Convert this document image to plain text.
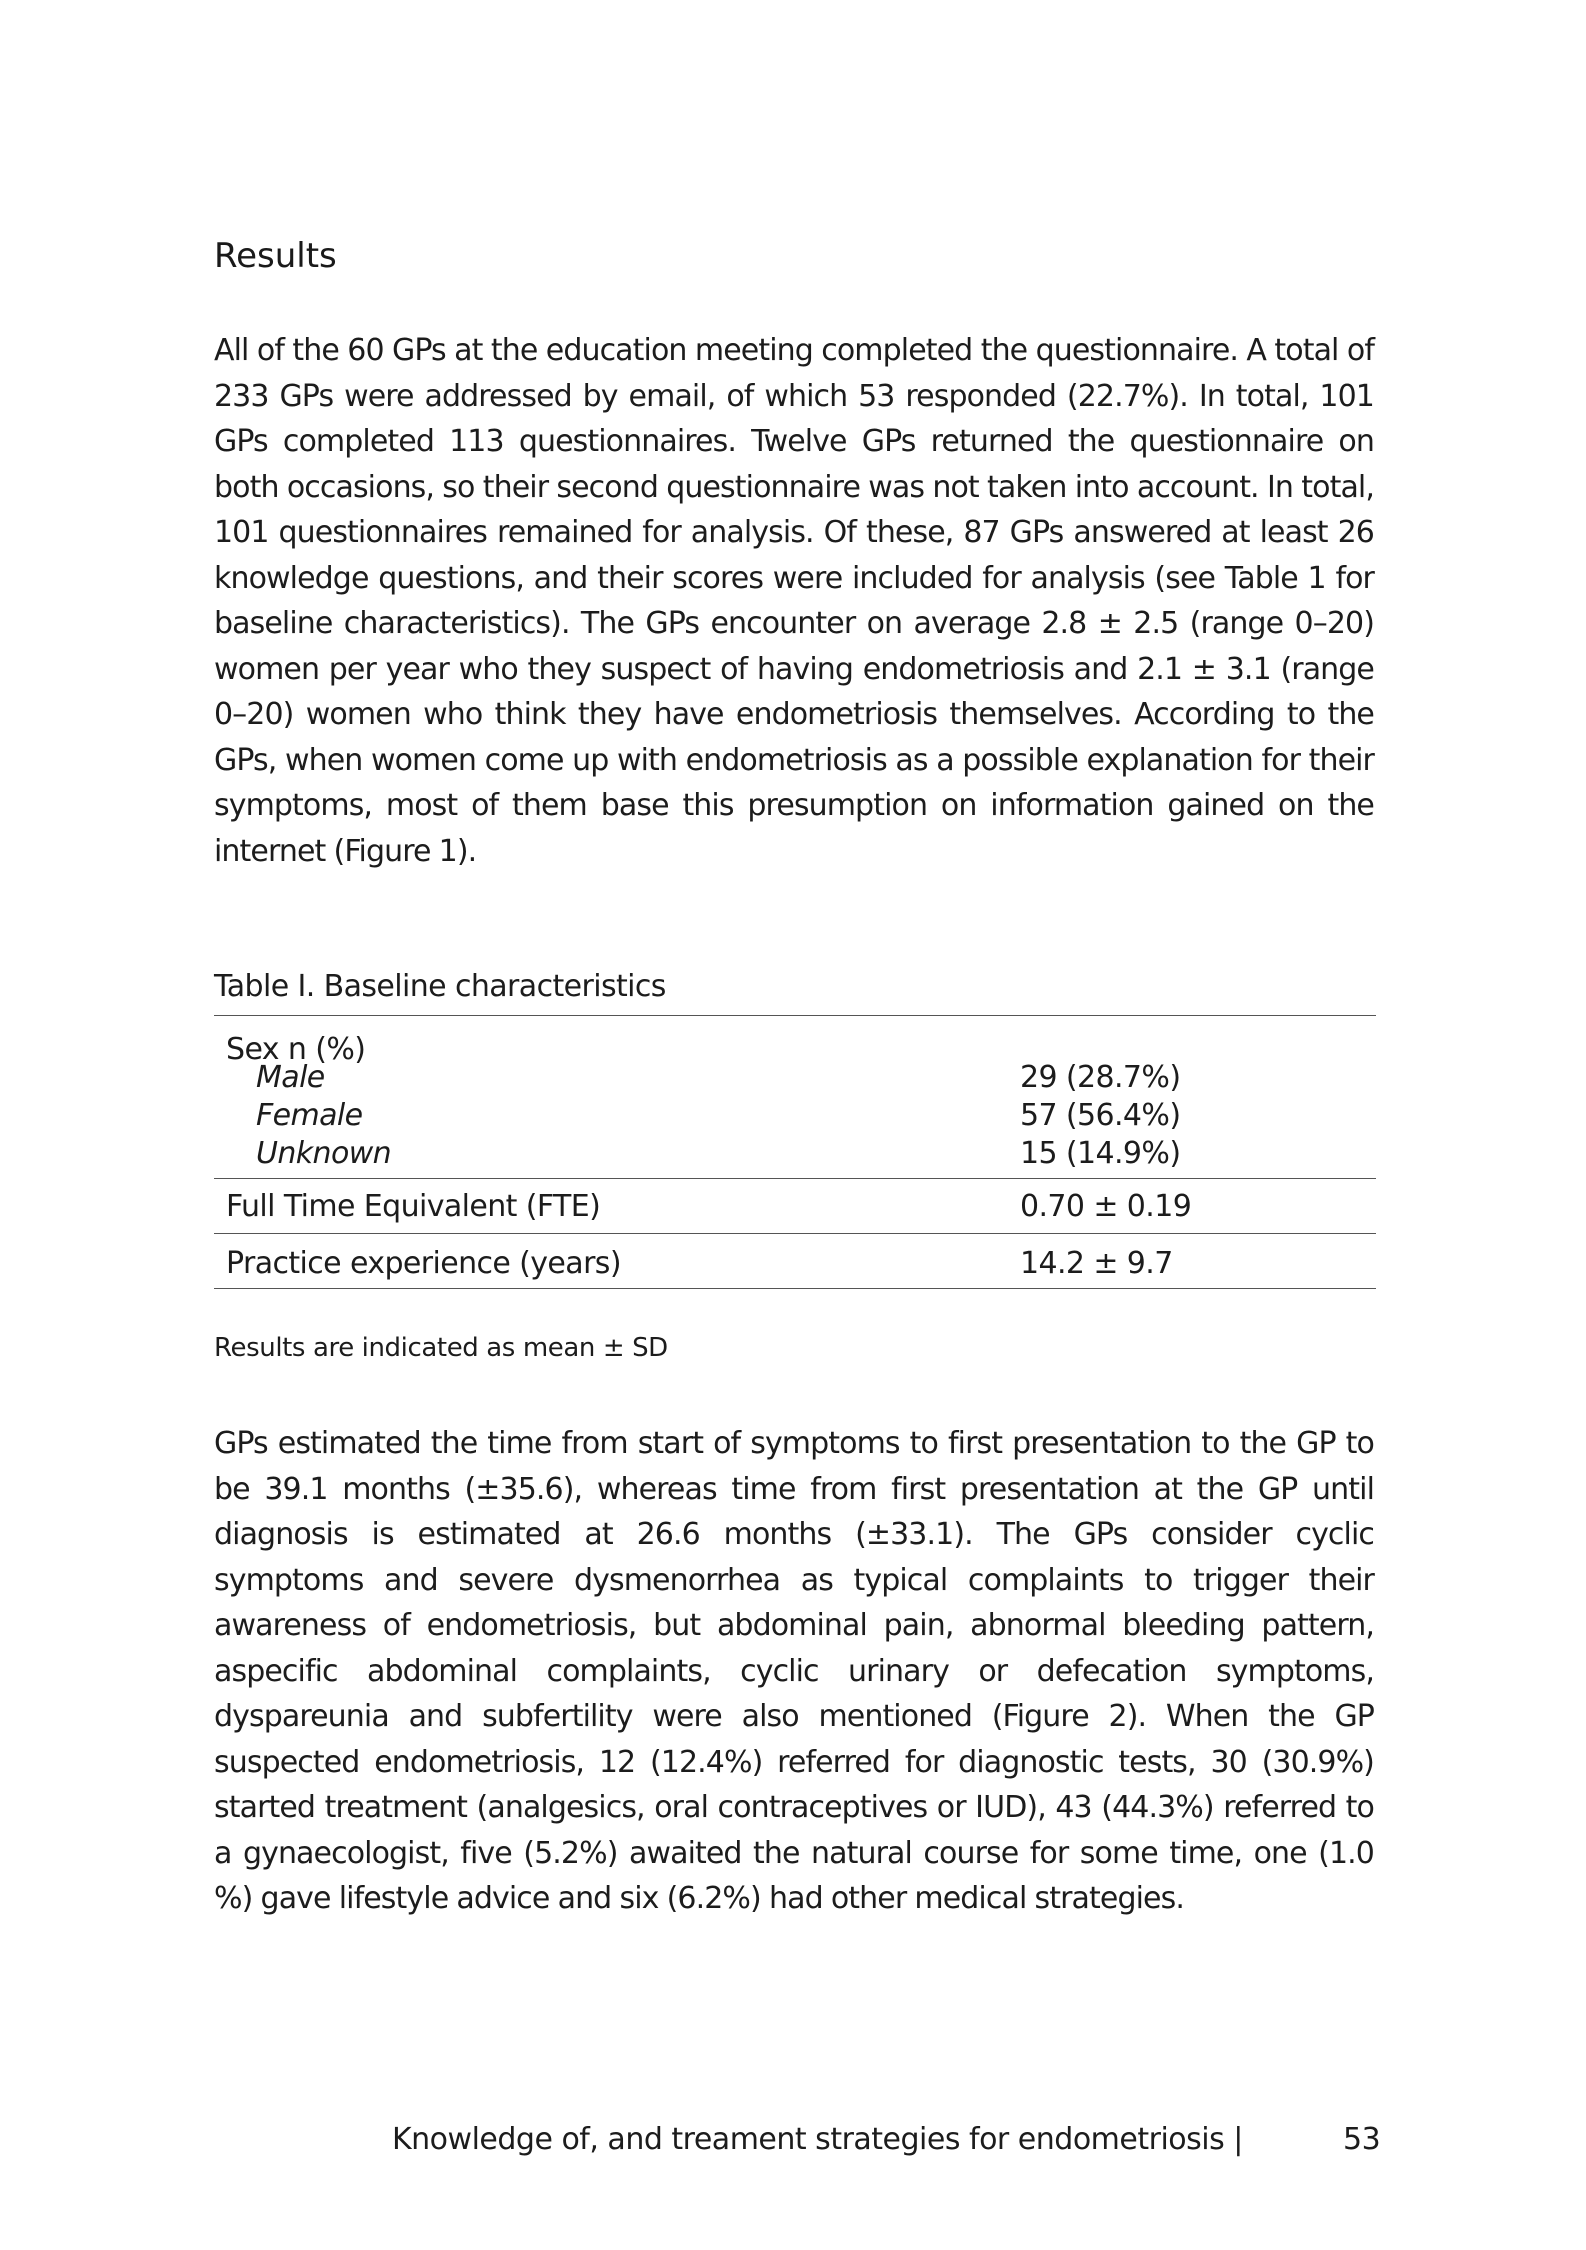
Results

All of the 60 GPs at the education meeting completed the questionnaire. A total of 233 GPs were addressed by email, of which 53 responded (22.7%). In total, 101 GPs completed 113 questionnaires. Twelve GPs returned the questionnaire on both occasions, so their second questionnaire was not taken into account. In total, 101 questionnaires remained for analysis. Of these, 87 GPs answered at least 26 knowledge questions, and their scores were included for analysis (see Table 1 for baseline characteristics). The GPs encounter on average 2.8 ± 2.5 (range 0–20) women per year who they suspect of having endometriosis and 2.1 ± 3.1 (range 0–20) women who think they have endometriosis themselves. According to the GPs, when women come up with endometriosis as a possible explanation for their symptoms, most of them base this presumption on information gained on the internet (Figure 1).

Table I. Baseline characteristics

Sex n (%)
Male	29 (28.7%)
Female	57 (56.4%)
Unknown	15 (14.9%)
Full Time Equivalent (FTE)	0.70 ± 0.19
Practice experience (years)	14.2 ± 9.7

Results are indicated as mean ± SD

GPs estimated the time from start of symptoms to first presentation to the GP to be 39.1 months (±35.6), whereas time from first presentation at the GP until diagnosis is estimated at 26.6 months (±33.1). The GPs consider cyclic symptoms and severe dysmenorrhea as typical complaints to trigger their awareness of endometriosis, but abdominal pain, abnormal bleeding pattern, aspecific abdominal complaints, cyclic urinary or defecation symptoms, dyspareunia and subfertility were also mentioned (Figure 2). When the GP suspected endometriosis, 12 (12.4%) referred for diagnostic tests, 30 (30.9%) started treatment (analgesics, oral contraceptives or IUD), 43 (44.3%) referred to a gynaecologist, five (5.2%) awaited the natural course for some time, one (1.0 %) gave lifestyle advice and six (6.2%) had other medical strategies.

Knowledge of, and treament strategies for endometriosis |	53
